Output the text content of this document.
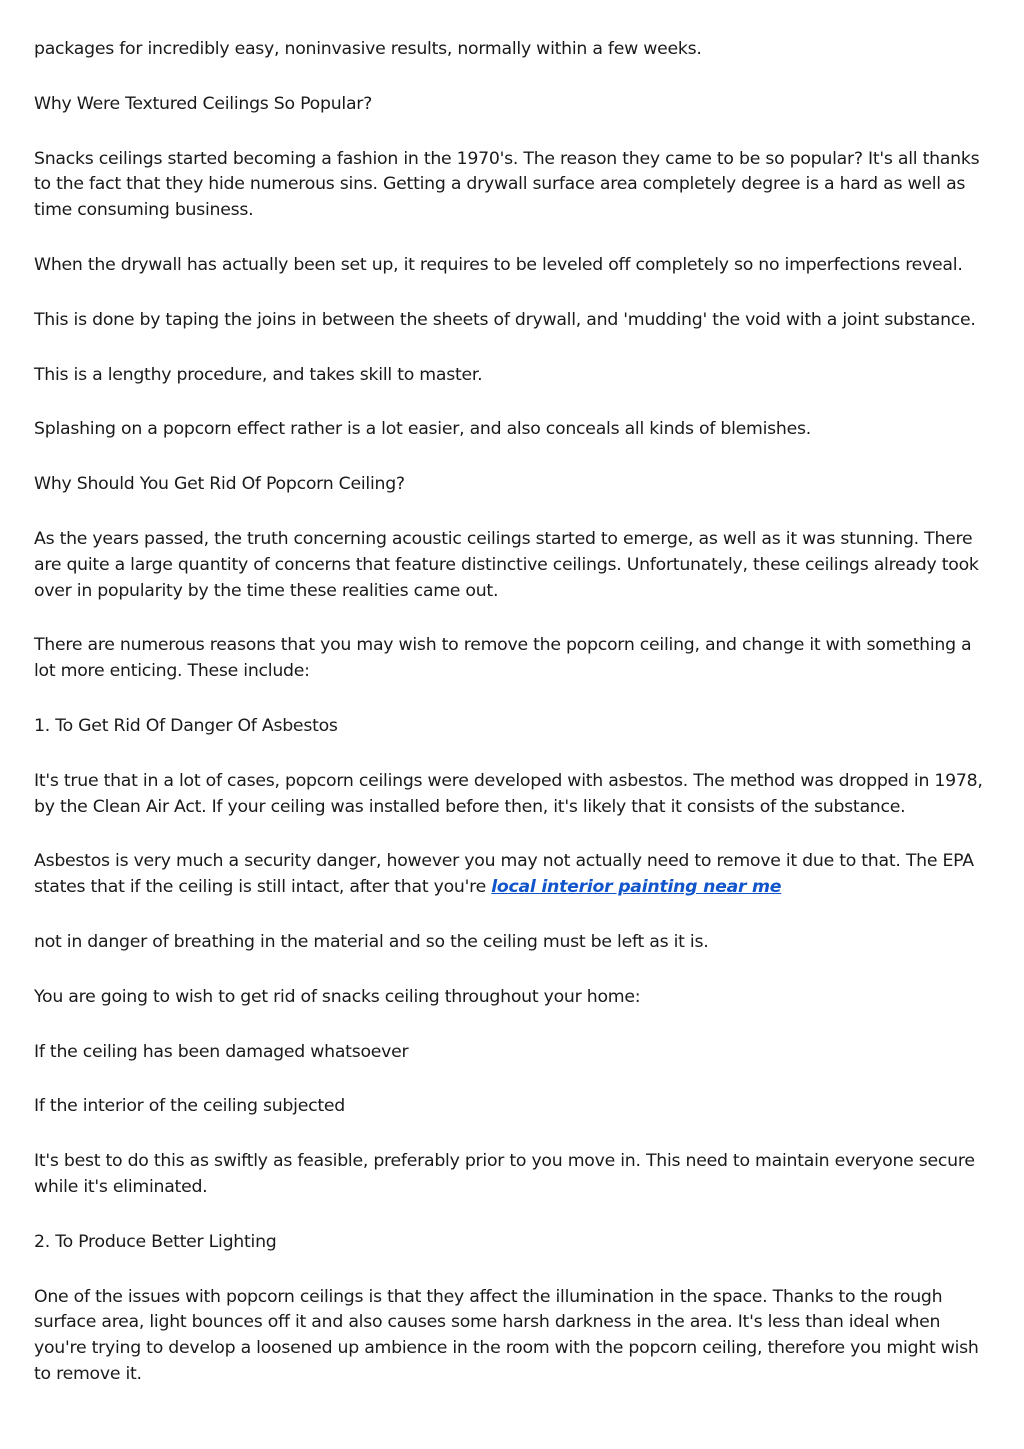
packages for incredibly easy, noninvasive results, normally within a few weeks.

Why Were Textured Ceilings So Popular?

Snacks ceilings started becoming a fashion in the 1970's. The reason they came to be so popular? It's all thanks to the fact that they hide numerous sins. Getting a drywall surface area completely degree is a hard as well as time consuming business.

When the drywall has actually been set up, it requires to be leveled off completely so no imperfections reveal.

This is done by taping the joins in between the sheets of drywall, and 'mudding' the void with a joint substance.

This is a lengthy procedure, and takes skill to master.

Splashing on a popcorn effect rather is a lot easier, and also conceals all kinds of blemishes.

Why Should You Get Rid Of Popcorn Ceiling?

As the years passed, the truth concerning acoustic ceilings started to emerge, as well as it was stunning. There are quite a large quantity of concerns that feature distinctive ceilings. Unfortunately, these ceilings already took over in popularity by the time these realities came out.

There are numerous reasons that you may wish to remove the popcorn ceiling, and change it with something a lot more enticing. These include:

1. To Get Rid Of Danger Of Asbestos

It's true that in a lot of cases, popcorn ceilings were developed with asbestos. The method was dropped in 1978, by the Clean Air Act. If your ceiling was installed before then, it's likely that it consists of the substance.

Asbestos is very much a security danger, however you may not actually need to remove it due to that. The EPA states that if the ceiling is still intact, after that you're local interior painting near me

not in danger of breathing in the material and so the ceiling must be left as it is.

You are going to wish to get rid of snacks ceiling throughout your home:

If the ceiling has been damaged whatsoever

If the interior of the ceiling subjected

It's best to do this as swiftly as feasible, preferably prior to you move in. This need to maintain everyone secure while it's eliminated.

2. To Produce Better Lighting

One of the issues with popcorn ceilings is that they affect the illumination in the space. Thanks to the rough surface area, light bounces off it and also causes some harsh darkness in the area. It's less than ideal when you're trying to develop a loosened up ambience in the room with the popcorn ceiling, therefore you might wish to remove it.
